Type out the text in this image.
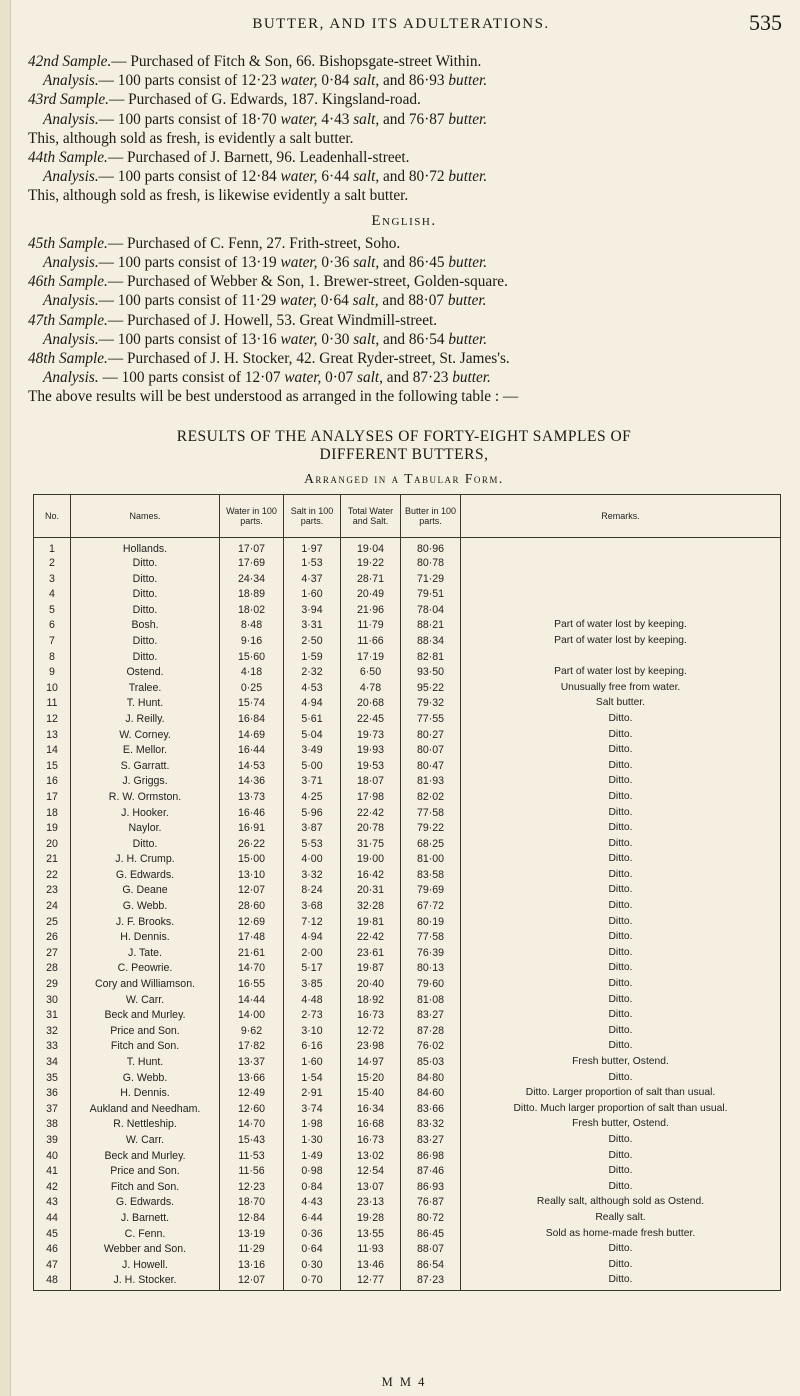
BUTTER, AND ITS ADULTERATIONS.	535

42nd Sample.— Purchased of Fitch & Son, 66. Bishopsgate-street Within.

Analysis.— 100 parts consist of 12·23 water, 0·84 salt, and 86·93 butter.

43rd Sample.— Purchased of G. Edwards, 187. Kingsland-road.

Analysis.— 100 parts consist of 18·70 water, 4·43 salt, and 76·87 butter.

This, although sold as fresh, is evidently a salt butter.

44th Sample.— Purchased of J. Barnett, 96. Leadenhall-street.

Analysis.— 100 parts consist of 12·84 water, 6·44 salt, and 80·72 butter.

This, although sold as fresh, is likewise evidently a salt butter.

English.

45th Sample.— Purchased of C. Fenn, 27. Frith-street, Soho.

Analysis.— 100 parts consist of 13·19 water, 0·36 salt, and 86·45 butter.

46th Sample.— Purchased of Webber & Son, 1. Brewer-street, Golden-square.

Analysis.— 100 parts consist of 11·29 water, 0·64 salt, and 88·07 butter.

47th Sample.— Purchased of J. Howell, 53. Great Windmill-street.

Analysis.— 100 parts consist of 13·16 water, 0·30 salt, and 86·54 butter.

48th Sample.— Purchased of J. H. Stocker, 42. Great Ryder-street, St. James's.

Analysis. — 100 parts consist of 12·07 water, 0·07 salt, and 87·23 butter.

The above results will be best understood as arranged in the following table : —

RESULTS OF THE ANALYSES OF FORTY-EIGHT SAMPLES OF
DIFFERENT BUTTERS,
Arranged in a Tabular Form.
No.	Names.	Water in 100 parts.	Salt in 100 parts.	Total Water and Salt.	Butter in 100 parts.	Remarks.
1	Hollands.	17·07	1·97	19·04	80·96	
2	Ditto.	17·69	1·53	19·22	80·78	
3	Ditto.	24·34	4·37	28·71	71·29	
4	Ditto.	18·89	1·60	20·49	79·51	
5	Ditto.	18·02	3·94	21·96	78·04	
6	Bosh.	8·48	3·31	11·79	88·21	Part of water lost by keeping.
7	Ditto.	9·16	2·50	11·66	88·34	Part of water lost by keeping.
8	Ditto.	15·60	1·59	17·19	82·81	
9	Ostend.	4·18	2·32	6·50	93·50	Part of water lost by keeping.
10	Tralee.	0·25	4·53	4·78	95·22	Unusually free from water.
11	T. Hunt.	15·74	4·94	20·68	79·32	Salt butter.
12	J. Reilly.	16·84	5·61	22·45	77·55	Ditto.
13	W. Corney.	14·69	5·04	19·73	80·27	Ditto.
14	E. Mellor.	16·44	3·49	19·93	80·07	Ditto.
15	S. Garratt.	14·53	5·00	19·53	80·47	Ditto.
16	J. Griggs.	14·36	3·71	18·07	81·93	Ditto.
17	R. W. Ormston.	13·73	4·25	17·98	82·02	Ditto.
18	J. Hooker.	16·46	5·96	22·42	77·58	Ditto.
19	Naylor.	16·91	3·87	20·78	79·22	Ditto.
20	Ditto.	26·22	5·53	31·75	68·25	Ditto.
21	J. H. Crump.	15·00	4·00	19·00	81·00	Ditto.
22	G. Edwards.	13·10	3·32	16·42	83·58	Ditto.
23	G. Deane	12·07	8·24	20·31	79·69	Ditto.
24	G. Webb.	28·60	3·68	32·28	67·72	Ditto.
25	J. F. Brooks.	12·69	7·12	19·81	80·19	Ditto.
26	H. Dennis.	17·48	4·94	22·42	77·58	Ditto.
27	J. Tate.	21·61	2·00	23·61	76·39	Ditto.
28	C. Peowrie.	14·70	5·17	19·87	80·13	Ditto.
29	Cory and Williamson.	16·55	3·85	20·40	79·60	Ditto.
30	W. Carr.	14·44	4·48	18·92	81·08	Ditto.
31	Beck and Murley.	14·00	2·73	16·73	83·27	Ditto.
32	Price and Son.	9·62	3·10	12·72	87·28	Ditto.
33	Fitch and Son.	17·82	6·16	23·98	76·02	Ditto.
34	T. Hunt.	13·37	1·60	14·97	85·03	Fresh butter, Ostend.
35	G. Webb.	13·66	1·54	15·20	84·80	Ditto.
36	H. Dennis.	12·49	2·91	15·40	84·60	Ditto. Larger proportion of salt than usual.
37	Aukland and Needham.	12·60	3·74	16·34	83·66	Ditto. Much larger proportion of salt than usual.
38	R. Nettleship.	14·70	1·98	16·68	83·32	Fresh butter, Ostend.
39	W. Carr.	15·43	1·30	16·73	83·27	Ditto.
40	Beck and Murley.	11·53	1·49	13·02	86·98	Ditto.
41	Price and Son.	11·56	0·98	12·54	87·46	Ditto.
42	Fitch and Son.	12·23	0·84	13·07	86·93	Ditto.
43	G. Edwards.	18·70	4·43	23·13	76·87	Really salt, although sold as Ostend.
44	J. Barnett.	12·84	6·44	19·28	80·72	Really salt.
45	C. Fenn.	13·19	0·36	13·55	86·45	Sold as home-made fresh butter.
46	Webber and Son.	11·29	0·64	11·93	88·07	Ditto.
47	J. Howell.	13·16	0·30	13·46	86·54	Ditto.
48	J. H. Stocker.	12·07	0·70	12·77	87·23	Ditto.
M M 4
